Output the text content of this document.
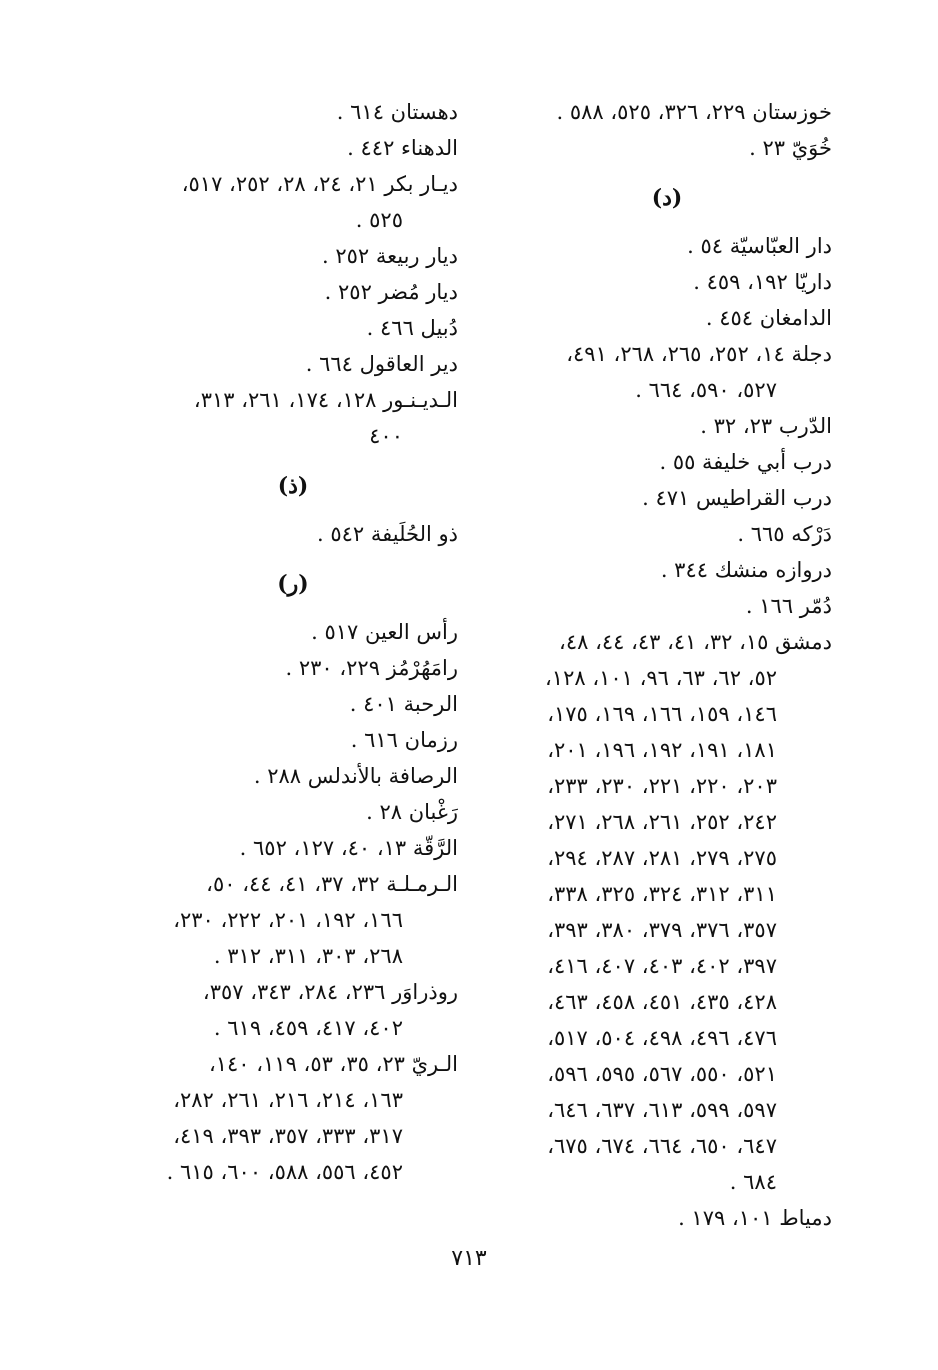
خوزستان ٢٢٩، ٣٢٦، ٥٢٥، ٥٨٨ .
خُوَيّ ٢٣ .
(د)
دار العبّاسيّة ٥٤ .
داريّا ١٩٢، ٤٥٩ .
الدامغان ٤٥٤ .
دجلة ١٤، ٢٥٢، ٢٦٥، ٢٦٨، ٤٩١،
٥٢٧، ٥٩٠، ٦٦٤ .
الدّرب ٢٣، ٣٢ .
درب أبي خليفة ٥٥ .
درب القراطيس ٤٧١ .
دَرْكه ٦٦٥ .
دروازه منشك ٣٤٤ .
دُمّر ١٦٦ .
دمشق ١٥، ٣٢، ٤١، ٤٣، ٤٤، ٤٨،
٥٢، ٦٢، ٦٣، ٩٦، ١٠١، ١٢٨،
١٤٦، ١٥٩، ١٦٦، ١٦٩، ١٧٥،
١٨١، ١٩١، ١٩٢، ١٩٦، ٢٠١،
٢٠٣، ٢٢٠، ٢٢١، ٢٣٠، ٢٣٣،
٢٤٢، ٢٥٢، ٢٦١، ٢٦٨، ٢٧١،
٢٧٥، ٢٧٩، ٢٨١، ٢٨٧، ٢٩٤،
٣١١، ٣١٢، ٣٢٤، ٣٢٥، ٣٣٨،
٣٥٧، ٣٧٦، ٣٧٩، ٣٨٠، ٣٩٣،
٣٩٧، ٤٠٢، ٤٠٣، ٤٠٧، ٤١٦،
٤٢٨، ٤٣٥، ٤٥١، ٤٥٨، ٤٦٣،
٤٧٦، ٤٩٦، ٤٩٨، ٥٠٤، ٥١٧،
٥٢١، ٥٥٠، ٥٦٧، ٥٩٥، ٥٩٦،
٥٩٧، ٥٩٩، ٦١٣، ٦٣٧، ٦٤٦،
٦٤٧، ٦٥٠، ٦٦٤، ٦٧٤، ٦٧٥،
٦٨٤ .
دمياط ١٠١، ١٧٩ .
دهستان ٦١٤ .
الدهناء ٤٤٢ .
ديـار بكر ٢١، ٢٤، ٢٨، ٢٥٢، ٥١٧،
٥٢٥ .
ديار ربيعة ٢٥٢ .
ديار مُضر ٢٥٢ .
دُبيل ٤٦٦ .
دير العاقول ٦٦٤ .
الـديـنـور ١٢٨، ١٧٤، ٢٦١، ٣١٣،
٤٠٠
(ذ)
ذو الحُلَيفة ٥٤٢ .
(ر)
رأس العين ٥١٧ .
رامَهُرْمُز ٢٢٩، ٢٣٠ .
الرحبة ٤٠١ .
رزمان ٦١٦ .
الرصافة بالأندلس ٢٨٨ .
رَغْبان ٢٨ .
الرَّقّة ١٣، ٤٠، ١٢٧، ٦٥٢ .
الـرمـلـة ٣٢، ٣٧، ٤١، ٤٤، ٥٠،
١٦٦، ١٩٢، ٢٠١، ٢٢٢، ٢٣٠،
٢٦٨، ٣٠٣، ٣١١، ٣١٢ .
روذراوَر ٢٣٦، ٢٨٤، ٣٤٣، ٣٥٧،
٤٠٢، ٤١٧، ٤٥٩، ٦١٩ .
الـريّ ٢٣، ٣٥، ٥٣، ١١٩، ١٤٠،
١٦٣، ٢١٤، ٢١٦، ٢٦١، ٢٨٢،
٣١٧، ٣٣٣، ٣٥٧، ٣٩٣، ٤١٩،
٤٥٢، ٥٥٦، ٥٨٨، ٦٠٠، ٦١٥ .
٧١٣
